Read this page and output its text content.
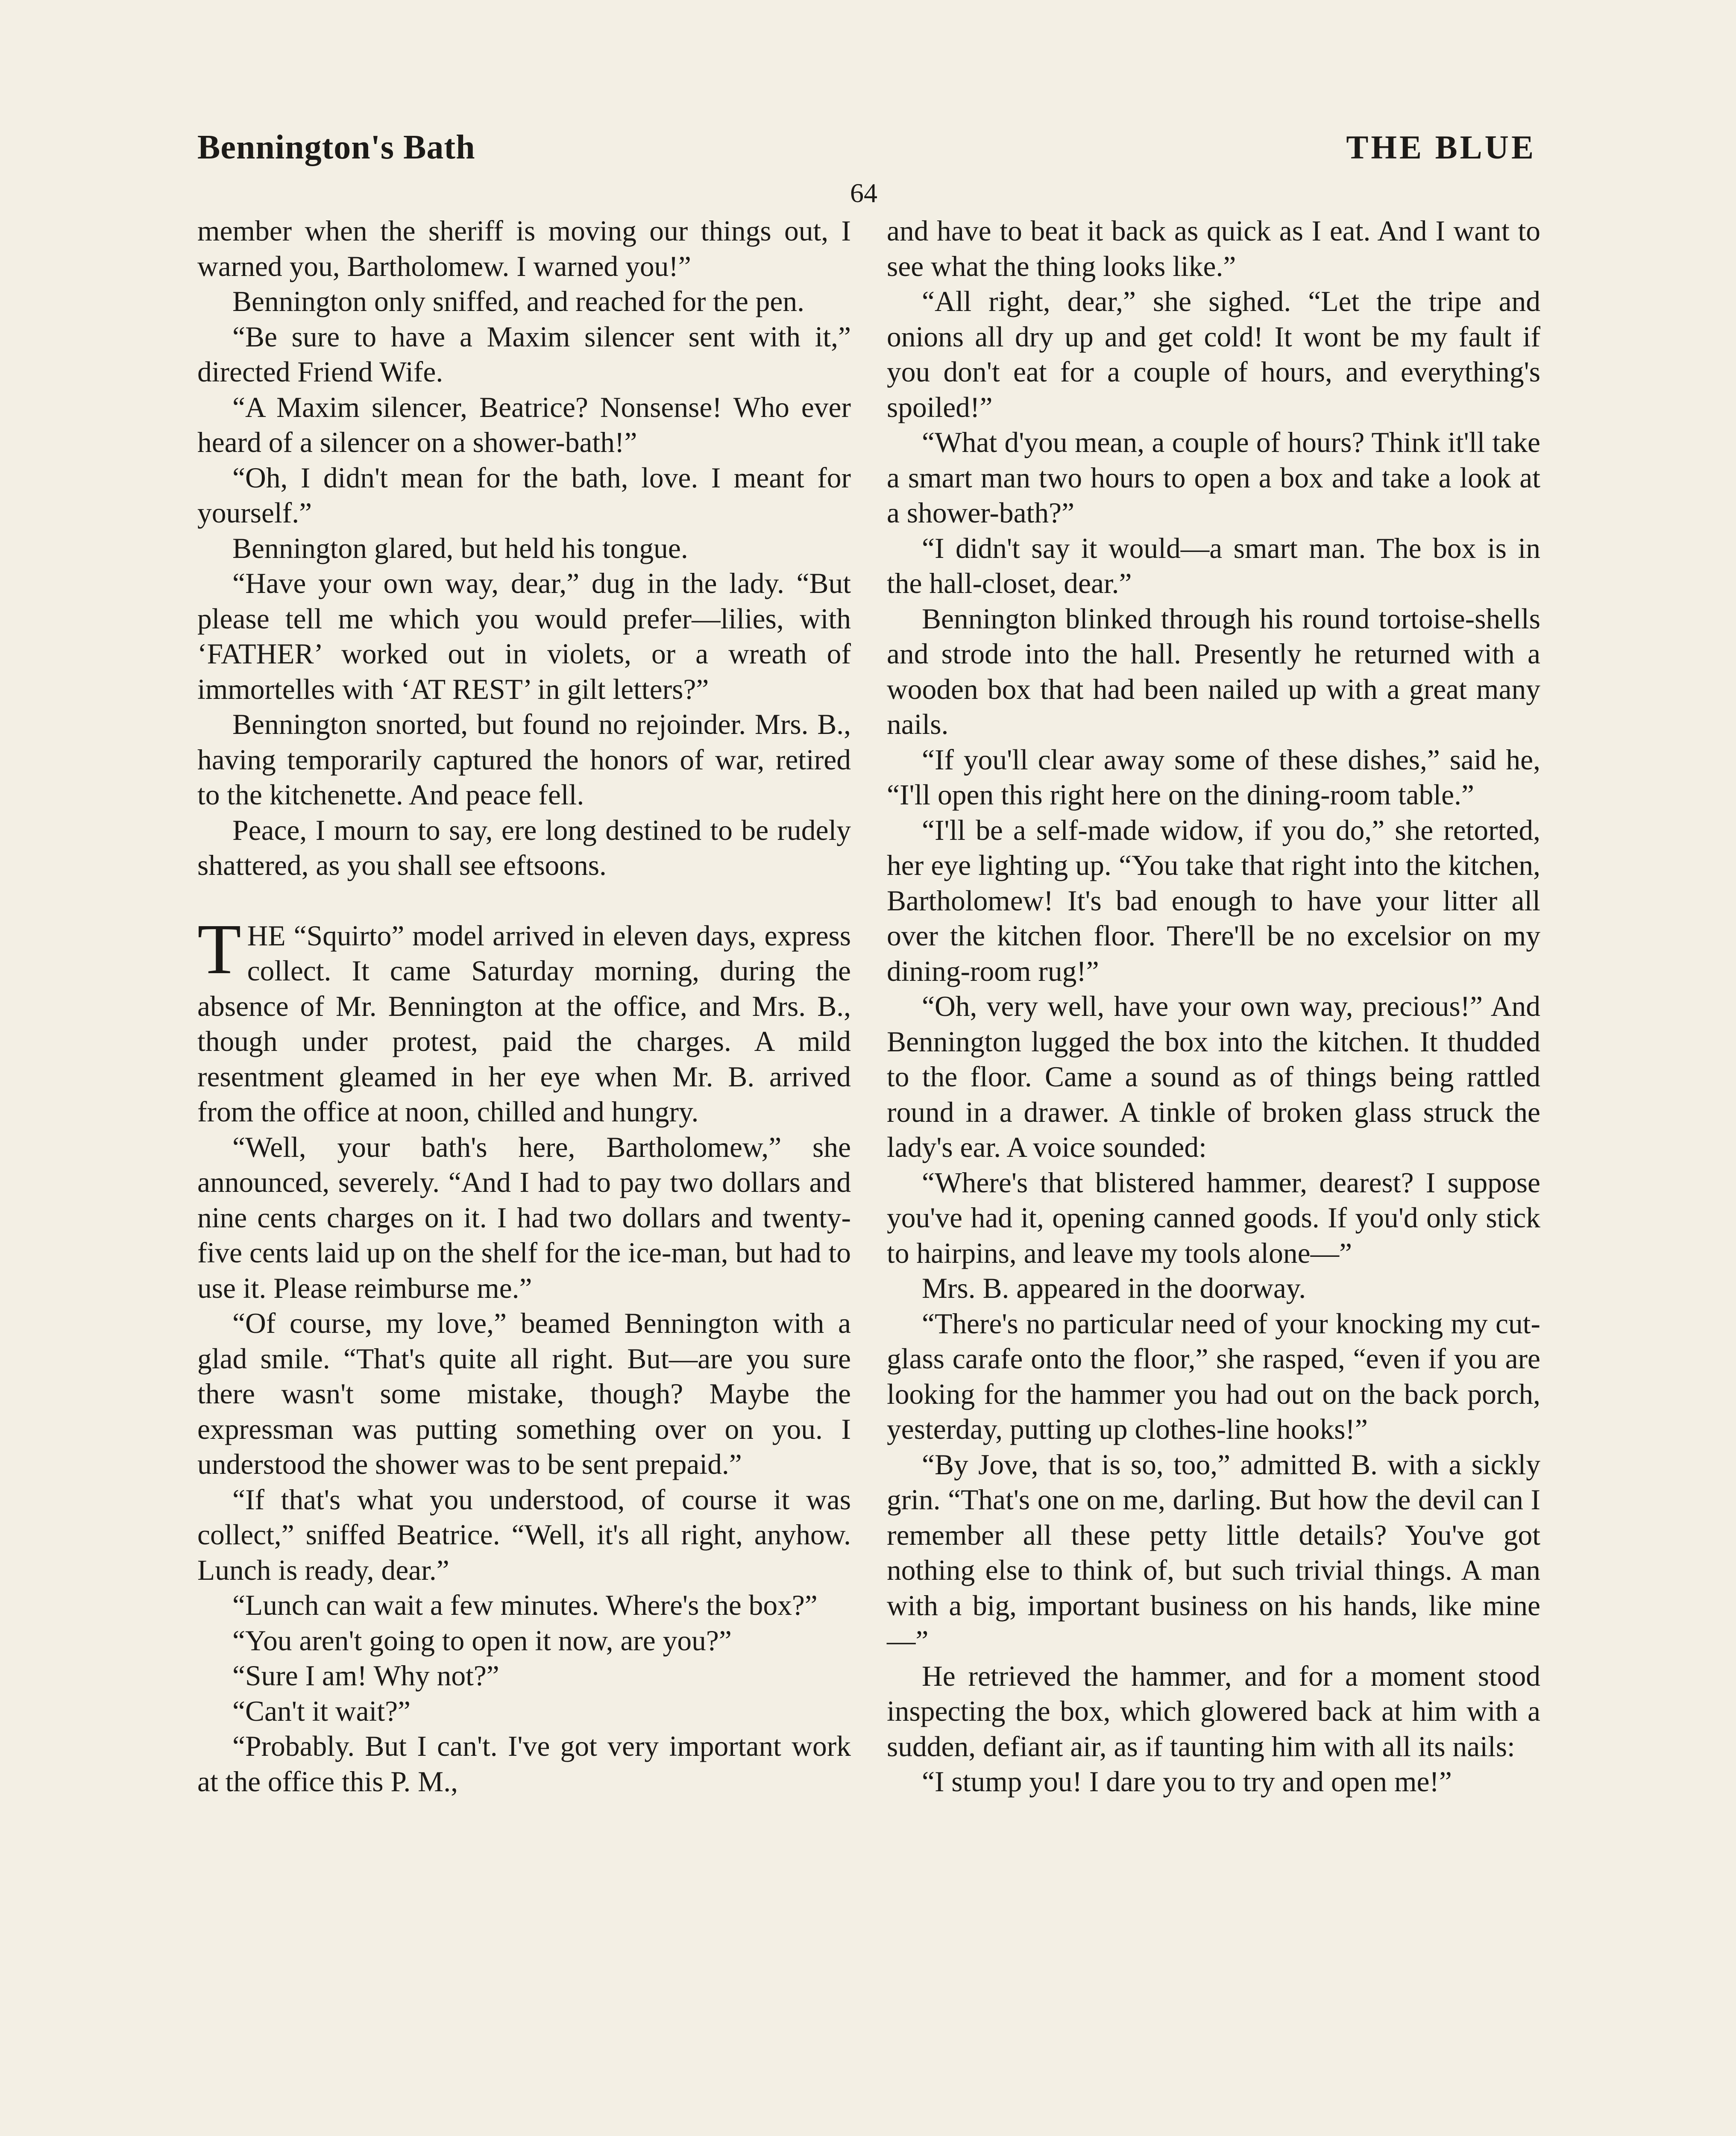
Bennington's Bath	THE BLUE
64

member when the sheriff is moving our things out, I warned you, Bartholomew. I warned you!”

Bennington only sniffed, and reached for the pen.

“Be sure to have a Maxim silencer sent with it,” directed Friend Wife.

“A Maxim silencer, Beatrice? Nonsense! Who ever heard of a silencer on a shower-bath!”

“Oh, I didn't mean for the bath, love. I meant for yourself.”

Bennington glared, but held his tongue.

“Have your own way, dear,” dug in the lady. “But please tell me which you would prefer—lilies, with ‘FATHER’ worked out in violets, or a wreath of immortelles with ‘AT REST’ in gilt letters?”

Bennington snorted, but found no rejoinder. Mrs. B., having temporarily captured the honors of war, retired to the kitchenette. And peace fell.

Peace, I mourn to say, ere long destined to be rudely shattered, as you shall see eftsoons.

THE “Squirto” model arrived in eleven days, express collect. It came Saturday morning, during the absence of Mr. Bennington at the office, and Mrs. B., though under protest, paid the charges. A mild resentment gleamed in her eye when Mr. B. arrived from the office at noon, chilled and hungry.

“Well, your bath's here, Bartholomew,” she announced, severely. “And I had to pay two dollars and nine cents charges on it. I had two dollars and twenty-five cents laid up on the shelf for the ice-man, but had to use it. Please reimburse me.”

“Of course, my love,” beamed Bennington with a glad smile. “That's quite all right. But—are you sure there wasn't some mistake, though? Maybe the expressman was putting something over on you. I understood the shower was to be sent prepaid.”

“If that's what you understood, of course it was collect,” sniffed Beatrice. “Well, it's all right, anyhow. Lunch is ready, dear.”

“Lunch can wait a few minutes. Where's the box?”

“You aren't going to open it now, are you?”

“Sure I am! Why not?”

“Can't it wait?”

“Probably. But I can't. I've got very important work at the office this P. M.,

and have to beat it back as quick as I eat. And I want to see what the thing looks like.”

“All right, dear,” she sighed. “Let the tripe and onions all dry up and get cold! It wont be my fault if you don't eat for a couple of hours, and everything's spoiled!”

“What d'you mean, a couple of hours? Think it'll take a smart man two hours to open a box and take a look at a shower-bath?”

“I didn't say it would—a smart man. The box is in the hall-closet, dear.”

Bennington blinked through his round tortoise-shells and strode into the hall. Presently he returned with a wooden box that had been nailed up with a great many nails.

“If you'll clear away some of these dishes,” said he, “I'll open this right here on the dining-room table.”

“I'll be a self-made widow, if you do,” she retorted, her eye lighting up. “You take that right into the kitchen, Bartholomew! It's bad enough to have your litter all over the kitchen floor. There'll be no excelsior on my dining-room rug!”

“Oh, very well, have your own way, precious!” And Bennington lugged the box into the kitchen. It thudded to the floor. Came a sound as of things being rattled round in a drawer. A tinkle of broken glass struck the lady's ear. A voice sounded:

“Where's that blistered hammer, dearest? I suppose you've had it, opening canned goods. If you'd only stick to hairpins, and leave my tools alone—”

Mrs. B. appeared in the doorway.

“There's no particular need of your knocking my cut-glass carafe onto the floor,” she rasped, “even if you are looking for the hammer you had out on the back porch, yesterday, putting up clothes-line hooks!”

“By Jove, that is so, too,” admitted B. with a sickly grin. “That's one on me, darling. But how the devil can I remember all these petty little details? You've got nothing else to think of, but such trivial things. A man with a big, important business on his hands, like mine—”

He retrieved the hammer, and for a moment stood inspecting the box, which glowered back at him with a sudden, defiant air, as if taunting him with all its nails:

“I stump you! I dare you to try and open me!”
